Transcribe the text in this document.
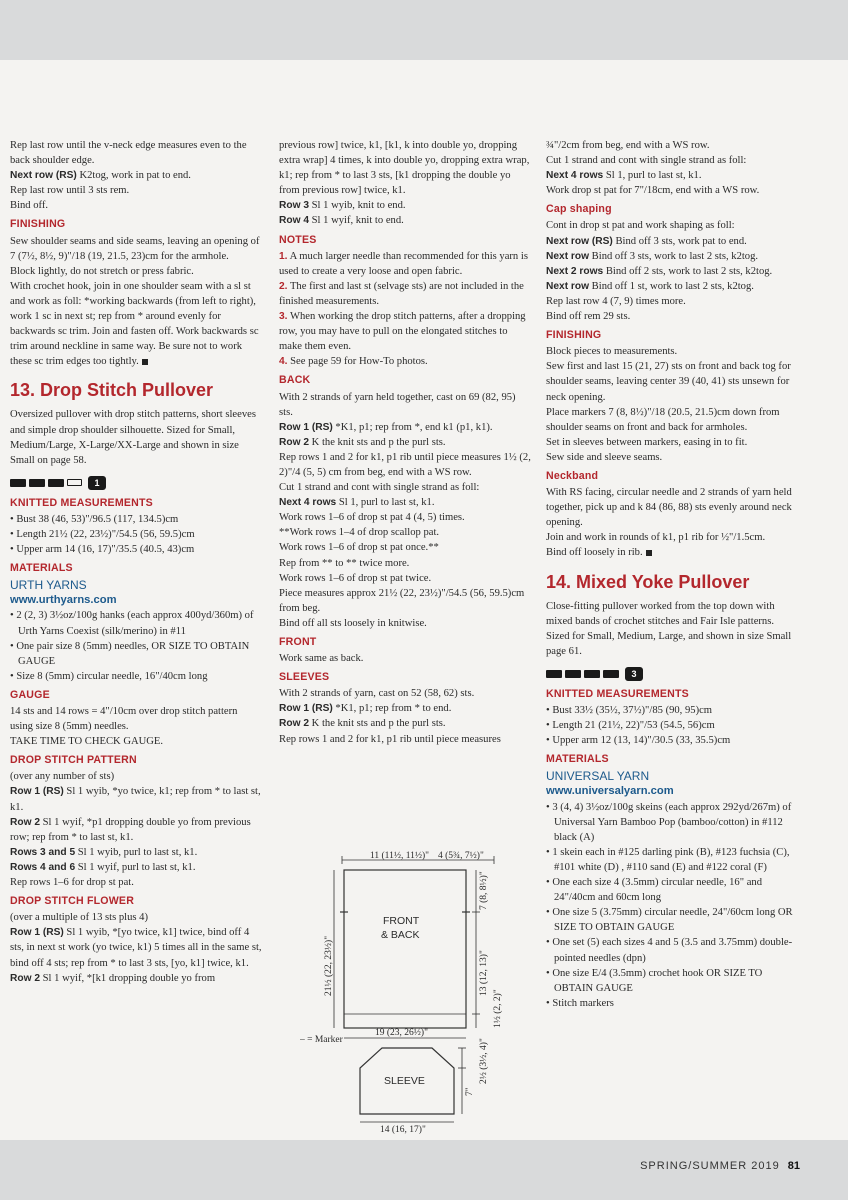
Rep last row until the v-neck edge measures even to the back shoulder edge.

Next row (RS) K2tog, work in pat to end.

Rep last row until 3 sts rem.

Bind off.

FINISHING

Sew shoulder seams and side seams, leaving an opening of 7 (7½, 8½, 9)"/18 (19, 21.5, 23)cm for the armhole.

Block lightly, do not stretch or press fabric.

With crochet hook, join in one shoulder seam with a sl st and work as foll: *working backwards (from left to right), work 1 sc in next st; rep from * around evenly for backwards sc trim. Join and fasten off. Work backwards sc trim around neckline in same way. Be sure not to work these sc trim edges too tightly.

13. Drop Stitch Pullover

Oversized pullover with drop stitch patterns, short sleeves and simple drop shoulder silhouette. Sized for Small, Medium/Large, X-Large/XX-Large and shown in size Small on page 58.

1
KNITTED MEASUREMENTS
• Bust 38 (46, 53)"/96.5 (117, 134.5)cm
• Length 21½ (22, 23½)"/54.5 (56, 59.5)cm
• Upper arm 14 (16, 17)"/35.5 (40.5, 43)cm
MATERIALS
URTH YARNS
www.urthyarns.com
• 2 (2, 3) 3½oz/100g hanks (each approx 400yd/360m) of Urth Yarns Coexist (silk/merino) in #11
• One pair size 8 (5mm) needles, OR SIZE TO OBTAIN GAUGE
• Size 8 (5mm) circular needle, 16"/40cm long
GAUGE

14 sts and 14 rows = 4"/10cm over drop stitch pattern using size 8 (5mm) needles.

TAKE TIME TO CHECK GAUGE.

DROP STITCH PATTERN

(over any number of sts)

Row 1 (RS) Sl 1 wyib, *yo twice, k1; rep from * to last st, k1.

Row 2 Sl 1 wyif, *p1 dropping double yo from previous row; rep from * to last st, k1.

Rows 3 and 5 Sl 1 wyib, purl to last st, k1.

Rows 4 and 6 Sl 1 wyif, purl to last st, k1.

Rep rows 1–6 for drop st pat.

DROP STITCH FLOWER

(over a multiple of 13 sts plus 4)

Row 1 (RS) Sl 1 wyib, *[yo twice, k1] twice, bind off 4 sts, in next st work (yo twice, k1) 5 times all in the same st, bind off 4 sts; rep from * to last 3 sts, [yo, k1] twice, k1.

Row 2 Sl 1 wyif, *[k1 dropping double yo from

previous row] twice, k1, [k1, k into double yo, dropping extra wrap] 4 times, k into double yo, dropping extra wrap, k1; rep from * to last 3 sts, [k1 dropping the double yo from previous row] twice, k1.

Row 3 Sl 1 wyib, knit to end.

Row 4 Sl 1 wyif, knit to end.

NOTES

1. A much larger needle than recommended for this yarn is used to create a very loose and open fabric.

2. The first and last st (selvage sts) are not included in the finished measurements.

3. When working the drop stitch patterns, after a dropping row, you may have to pull on the elongated stitches to make them even.

4. See page 59 for How-To photos.

BACK

With 2 strands of yarn held together, cast on 69 (82, 95) sts.

Row 1 (RS) *K1, p1; rep from *, end k1 (p1, k1).

Row 2 K the knit sts and p the purl sts.

Rep rows 1 and 2 for k1, p1 rib until piece measures 1½ (2, 2)"/4 (5, 5) cm from beg, end with a WS row.

Cut 1 strand and cont with single strand as foll:

Next 4 rows Sl 1, purl to last st, k1.

Work rows 1–6 of drop st pat 4 (4, 5) times.

**Work rows 1–4 of drop scallop pat.

Work rows 1–6 of drop st pat once.**

Rep from ** to ** twice more.

Work rows 1–6 of drop st pat twice.

Piece measures approx 21½ (22, 23½)"/54.5 (56, 59.5)cm from beg.

Bind off all sts loosely in knitwise.

FRONT

Work same as back.

SLEEVES

With 2 strands of yarn, cast on 52 (58, 62) sts.

Row 1 (RS) *K1, p1; rep from * to end.

Row 2 K the knit sts and p the purl sts.

Rep rows 1 and 2 for k1, p1 rib until piece measures

¾"/2cm from beg, end with a WS row.

Cut 1 strand and cont with single strand as foll:

Next 4 rows Sl 1, purl to last st, k1.

Work drop st pat for 7"/18cm, end with a WS row.

Cap shaping

Cont in drop st pat and work shaping as foll:

Next row (RS) Bind off 3 sts, work pat to end.

Next row Bind off 3 sts, work to last 2 sts, k2tog.

Next 2 rows Bind off 2 sts, work to last 2 sts, k2tog.

Next row Bind off 1 st, work to last 2 sts, k2tog.

Rep last row 4 (7, 9) times more.

Bind off rem 29 sts.

FINISHING

Block pieces to measurements.

Sew first and last 15 (21, 27) sts on front and back tog for shoulder seams, leaving center 39 (40, 41) sts unsewn for neck opening.

Place markers 7 (8, 8½)"/18 (20.5, 21.5)cm down from shoulder seams on front and back for armholes.

Set in sleeves between markers, easing in to fit.

Sew side and sleeve seams.

Neckband

With RS facing, circular needle and 2 strands of yarn held together, pick up and k 84 (86, 88) sts evenly around neck opening.

Join and work in rounds of k1, p1 rib for ½"/1.5cm.

Bind off loosely in rib.

14. Mixed Yoke Pullover

Close-fitting pullover worked from the top down with mixed bands of crochet stitches and Fair Isle patterns. Sized for Small, Medium, Large, and shown in size Small page 61.

3
KNITTED MEASUREMENTS
• Bust 33½ (35½, 37½)"/85 (90, 95)cm
• Length 21 (21½, 22)"/53 (54.5, 56)cm
• Upper arm 12 (13, 14)"/30.5 (33, 35.5)cm
MATERIALS
UNIVERSAL YARN
www.universalyarn.com
• 3 (4, 4) 3½oz/100g skeins (each approx 292yd/267m) of Universal Yarn Bamboo Pop (bamboo/cotton) in #112 black (A)
• 1 skein each in #125 darling pink (B), #123 fuchsia (C), #101 white (D) , #110 sand (E) and #122 coral (F)
• One each size 4 (3.5mm) circular needle, 16" and 24"/40cm and 60cm long
• One size 5 (3.75mm) circular needle, 24"/60cm long OR SIZE TO OBTAIN GAUGE
• One set (5) each sizes 4 and 5 (3.5 and 3.75mm) double-pointed needles (dpn)
• One size E/4 (3.5mm) crochet hook OR SIZE TO OBTAIN GAUGE
• Stitch markers
11 (11½, 11½)" 4 (5¾, 7½)"
FRONT
& BACK
21½ (22, 23½)"
7 (8, 8½)"
13 (12, 13)"
1½ (2, 2)"
19 (23, 26½)"
– = Marker
SLEEVE	2½ (3½, 4)"
7"
14 (16, 17)"
SPRING/SUMMER 2019 81
